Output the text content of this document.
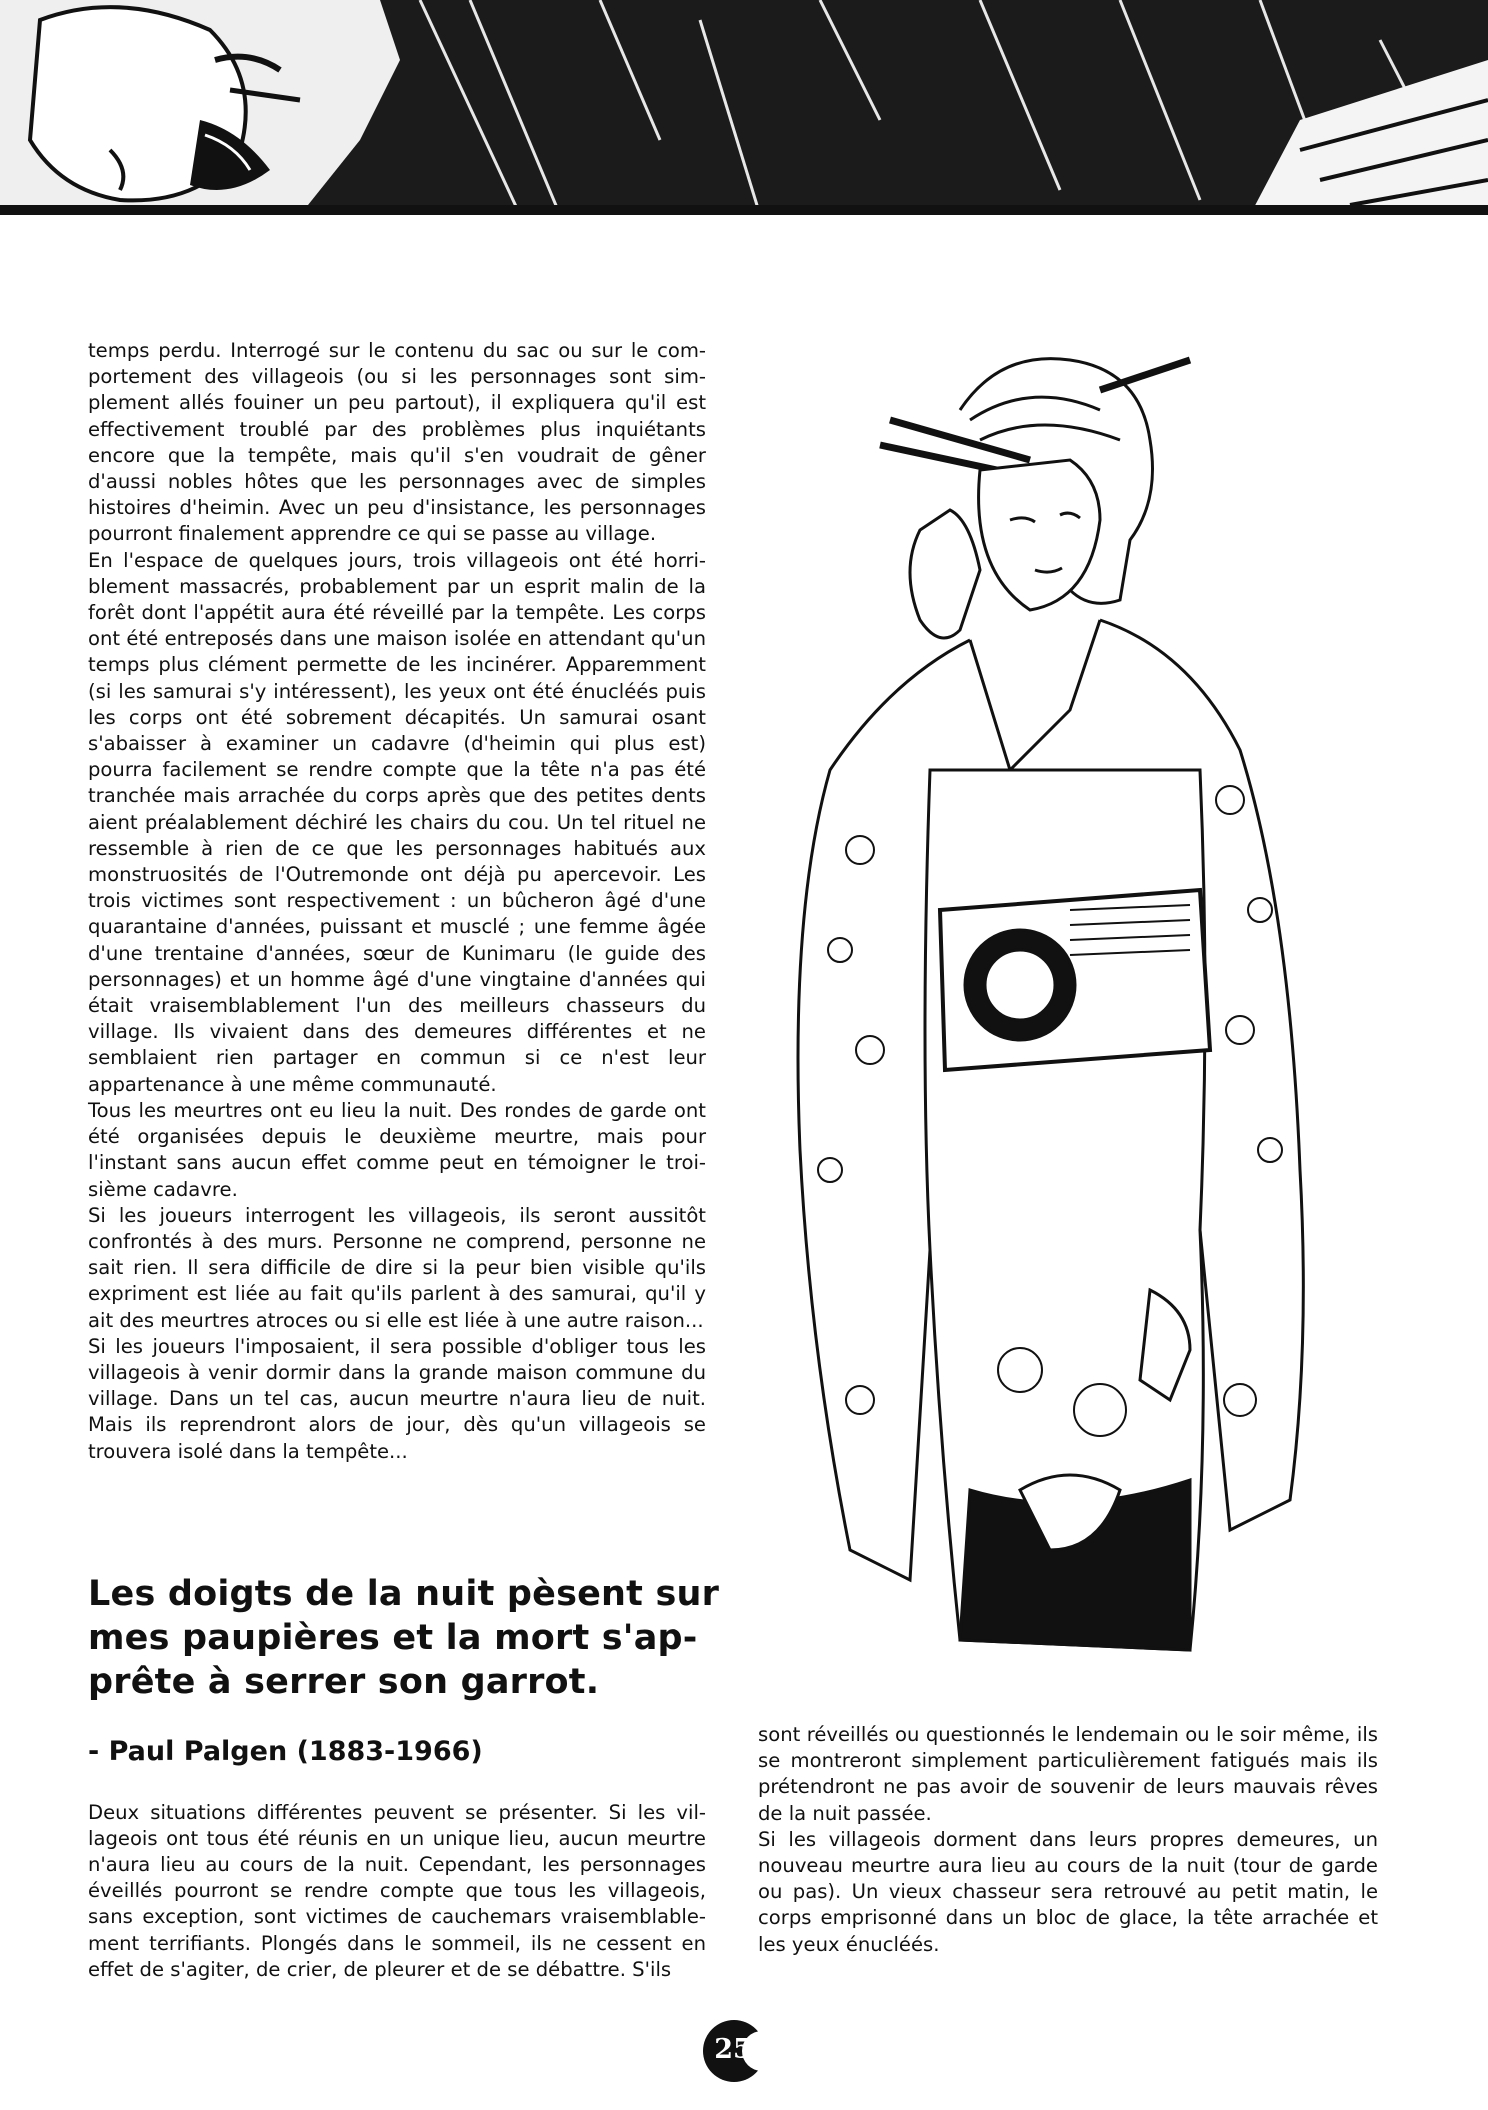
temps perdu. Interrogé sur le contenu du sac ou sur le comportement des villageois (ou si les personnages sont simplement allés fouiner un peu partout), il expliquera qu'il est effectivement troublé par des problèmes plus inquiétants encore que la tempête, mais qu'il s'en voudrait de gêner d'aussi nobles hôtes que les personnages avec de simples histoires d'heimin. Avec un peu d'insistance, les personnages pourront finalement apprendre ce qui se passe au village.

En l'espace de quelques jours, trois villageois ont été horriblement massacrés, probablement par un esprit malin de la forêt dont l'appétit aura été réveillé par la tempête. Les corps ont été entreposés dans une maison isolée en attendant qu'un temps plus clément permette de les incinérer. Apparemment (si les samurai s'y intéressent), les yeux ont été énucléés puis les corps ont été sobrement décapités. Un samurai osant s'abaisser à examiner un cadavre (d'heimin qui plus est) pourra facilement se rendre compte que la tête n'a pas été tranchée mais arrachée du corps après que des petites dents aient préalablement déchiré les chairs du cou. Un tel rituel ne ressemble à rien de ce que les personnages habitués aux monstruosités de l'Outremonde ont déjà pu apercevoir. Les trois victimes sont respectivement : un bûcheron âgé d'une quarantaine d'années, puissant et musclé ; une femme âgée d'une trentaine d'années, sœur de Kunimaru (le guide des personnages) et un homme âgé d'une vingtaine d'années qui était vraisemblablement l'un des meilleurs chasseurs du village. Ils vivaient dans des demeures différentes et ne semblaient rien partager en commun si ce n'est leur appartenance à une même communauté.

Tous les meurtres ont eu lieu la nuit. Des rondes de garde ont été organisées depuis le deuxième meurtre, mais pour l'instant sans aucun effet comme peut en témoigner le troisième cadavre.

Si les joueurs interrogent les villageois, ils seront aussitôt confrontés à des murs. Personne ne comprend, personne ne sait rien. Il sera difficile de dire si la peur bien visible qu'ils expriment est liée au fait qu'ils parlent à des samurai, qu'il y ait des meurtres atroces ou si elle est liée à une autre raison...

Si les joueurs l'imposaient, il sera possible d'obliger tous les villageois à venir dormir dans la grande maison commune du village. Dans un tel cas, aucun meurtre n'aura lieu de nuit. Mais ils reprendront alors de jour, dès qu'un villageois se trouvera isolé dans la tempête...

Les doigts de la nuit pèsent sur mes paupières et la mort s'apprête à serrer son garrot.

- Paul Palgen (1883-1966)

Deux situations différentes peuvent se présenter. Si les villageois ont tous été réunis en un unique lieu, aucun meurtre n'aura lieu au cours de la nuit. Cependant, les personnages éveillés pourront se rendre compte que tous les villageois, sans exception, sont victimes de cauchemars vraisemblablement terrifiants. Plongés dans le sommeil, ils ne cessent en effet de s'agiter, de crier, de pleurer et de se débattre. S'ils

sont réveillés ou questionnés le lendemain ou le soir même, ils se montreront simplement particulièrement fatigués mais ils prétendront ne pas avoir de souvenir de leurs mauvais rêves de la nuit passée.

Si les villageois dorment dans leurs propres demeures, un nouveau meurtre aura lieu au cours de la nuit (tour de garde ou pas). Un vieux chasseur sera retrouvé au petit matin, le corps emprisonné dans un bloc de glace, la tête arrachée et les yeux énucléés.

25
